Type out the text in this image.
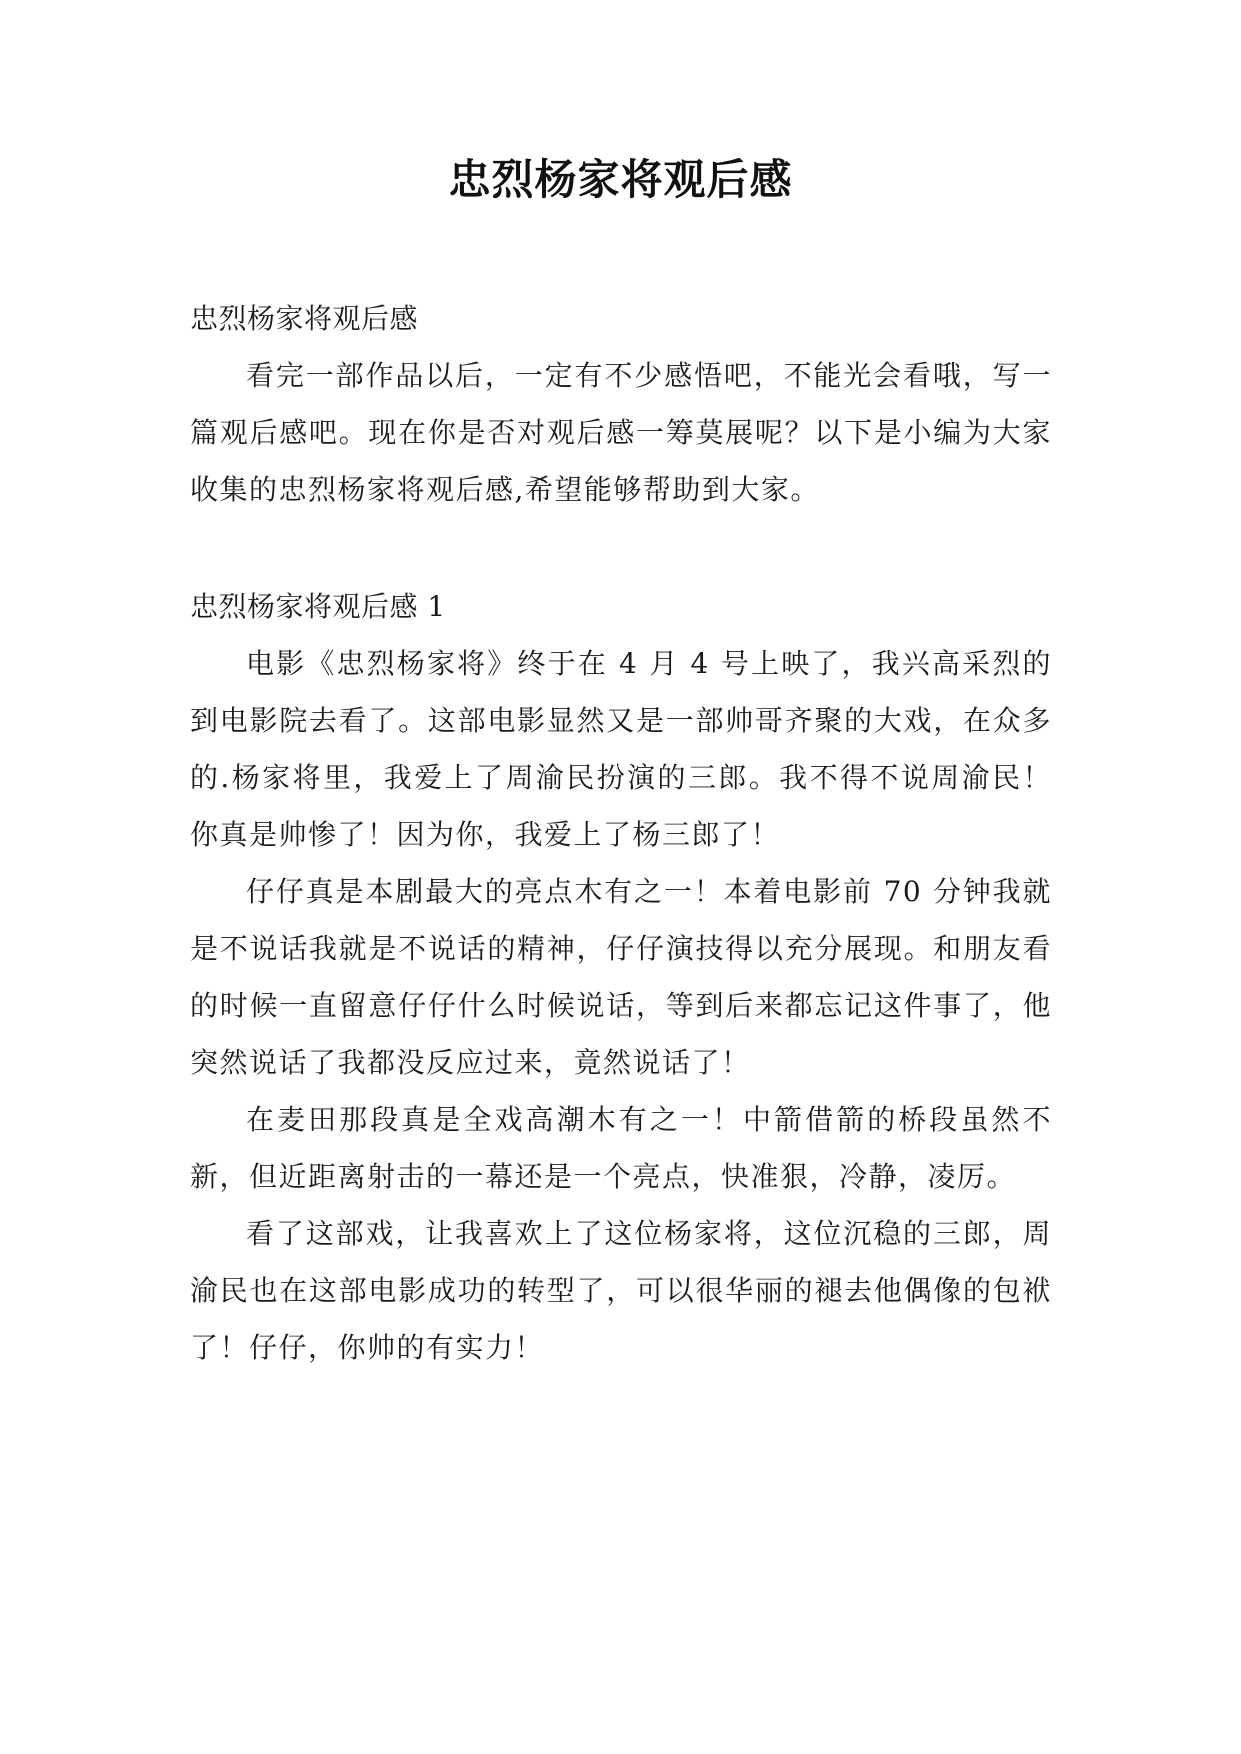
忠烈杨家将观后感

忠烈杨家将观后感

看完一部作品以后，一定有不少感悟吧，不能光会看哦，写一篇观后感吧。现在你是否对观后感一筹莫展呢？以下是小编为大家收集的忠烈杨家将观后感,希望能够帮助到大家。

忠烈杨家将观后感 1

电影《忠烈杨家将》终于在 4 月 4 号上映了，我兴高采烈的到电影院去看了。这部电影显然又是一部帅哥齐聚的大戏，在众多的.杨家将里，我爱上了周渝民扮演的三郎。我不得不说周渝民！你真是帅惨了！因为你，我爱上了杨三郎了！

仔仔真是本剧最大的亮点木有之一！本着电影前 70 分钟我就是不说话我就是不说话的精神，仔仔演技得以充分展现。和朋友看的时候一直留意仔仔什么时候说话，等到后来都忘记这件事了，他突然说话了我都没反应过来，竟然说话了！

在麦田那段真是全戏高潮木有之一！中箭借箭的桥段虽然不新，但近距离射击的一幕还是一个亮点，快准狠，冷静，凌厉。

看了这部戏，让我喜欢上了这位杨家将，这位沉稳的三郎，周渝民也在这部电影成功的转型了，可以很华丽的褪去他偶像的包袱了！仔仔，你帅的有实力！
